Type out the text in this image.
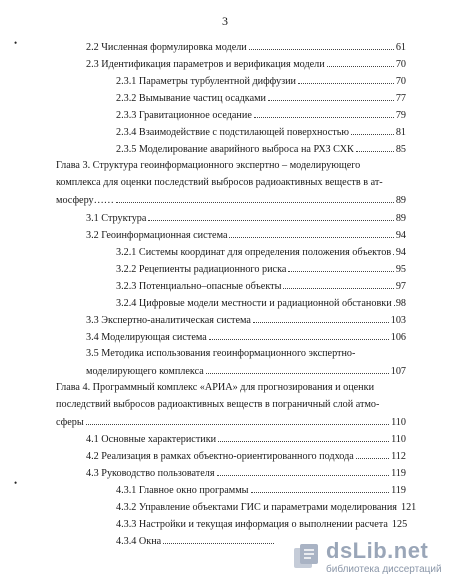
3
•
•
2.2 Численная формулировка модели	61
2.3 Идентификация параметров и верификация модели	70
2.3.1 Параметры турбулентной диффузии	70
2.3.2 Вымывание частиц осадками	77
2.3.3 Гравитационное оседание	79
2.3.4 Взаимодействие с подстилающей поверхностью	81
2.3.5 Моделирование аварийного выброса на РХЗ СХК	85
Глава 3. Структура геоинформационного экспертно – моделирующего
комплекса для оценки последствий выбросов радиоактивных веществ в ат-
мосферу……	89
3.1 Структура	89
3.2 Геоинформационная система	94
3.2.1 Системы координат для определения положения объектов 94
3.2.2 Рецепиенты радиационного риска	95
3.2.3 Потенциально–опасные объекты	97
3.2.4 Цифровые модели местности и радиационной обстановки 98
3.3 Экспертно-аналитическая система	103
3.4 Моделирующая система	106
3.5 Методика использования геоинформационного экспертно-
моделирующего комплекса	107
Глава 4. Программный комплекс «АРИА» для прогнозирования и оценки
последствий выбросов радиоактивных веществ в пограничный слой атмо-
сферы	110
4.1 Основные характеристики	110
4.2 Реализация в рамках объектно-ориентированного подхода	112
4.3 Руководство пользователя	119
4.3.1 Главное окно программы	119
4.3.2 Управление объектами ГИС и параметрами моделирования 121
4.3.3 Настройки и текущая информация о выполнении расчета 125
4.3.4 Окна	dsLib.net
библиотека диссертаций
